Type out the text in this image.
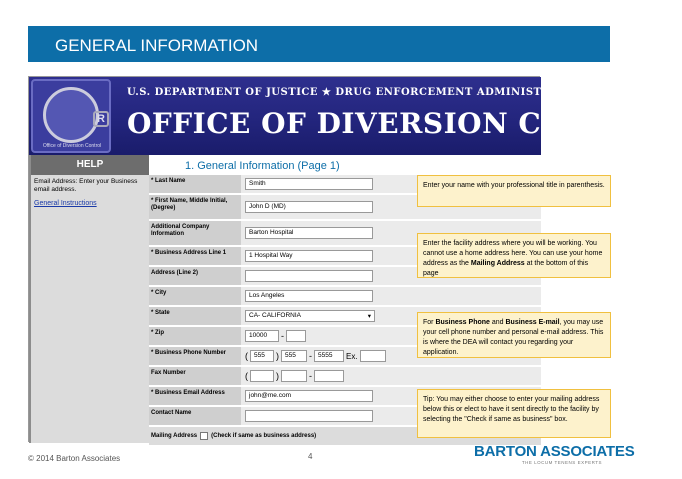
GENERAL INFORMATION
R
Office of Diversion Control
U.S. DEPARTMENT OF JUSTICE ★ DRUG ENFORCEMENT ADMINISTRATION
OFFICE OF DIVERSION CONTROL
HELP
Email Address: Enter your Business email address.
General Instructions
1. General Information (Page 1)
* Last Name	Smith
* First Name, Middle Initial, (Degree)	John D (MD)
Additional Company Information	Barton Hospital
* Business Address Line 1	1 Hospital Way
Address (Line 2)
* City	Los Angeles
* State	CA- CALIFORNIA	▾
* Zip	10000	-
* Business Phone Number	( 555	) 555	- 5555	Ex.
Fax Number	(	)	-
* Business Email Address	john@me.com
Contact Name
Mailing Address (Check if same as business address)
Enter your name with your professional title in parenthesis.
Enter the facility address where you will be working. You cannot use a home address here. You can use your home address as the Mailing Address at the bottom of this page
For Business Phone and Business E-mail, you may use your cell phone number and personal e-mail address. This is where the DEA will contact you regarding your application.
Tip: You may either choose to enter your mailing address below this or elect to have it sent directly to the facility by selecting the "Check if same as business" box.
© 2014 Barton Associates	4	BARTON ASSOCIATES
THE LOCUM TENENS EXPERTS
